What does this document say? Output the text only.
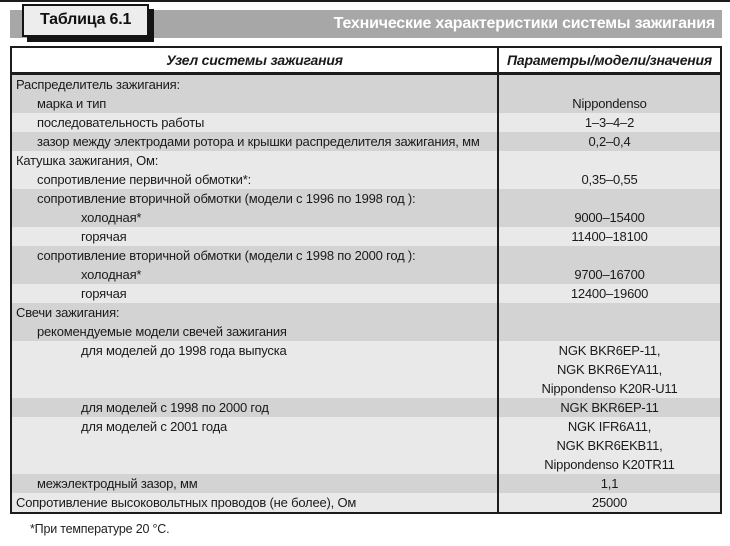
Технические характеристики системы зажигания
Таблица 6.1
Узел системы зажигания	Параметры/модели/значения
Распределитель зажигания:
марка и тип	Nippondenso
последовательность работы	1–3–4–2
зазор между электродами ротора и крышки распределителя зажигания, мм	0,2–0,4
Катушка зажигания, Ом:
сопротивление первичной обмотки*:	0,35–0,55
сопротивление вторичной обмотки (модели с 1996 по 1998 год ):
холодная*	9000–15400
горячая	11400–18100
сопротивление вторичной обмотки (модели с 1998 по 2000 год ):
холодная*	9700–16700
горячая	12400–19600
Свечи зажигания:
рекомендуемые модели свечей зажигания
для моделей до 1998 года выпуска	NGK BKR6EP-11,
NGK BKR6EYA11,
Nippondenso K20R-U11
для моделей с 1998 по 2000 год	NGK BKR6EP-11
для моделей с 2001 года	NGK IFR6A11,
NGK BKR6EKB11,
Nippondenso K20TR11
межэлектродный зазор, мм	1,1
Сопротивление высоковольтных проводов (не более), Ом	25000
*При температуре 20 °С.
